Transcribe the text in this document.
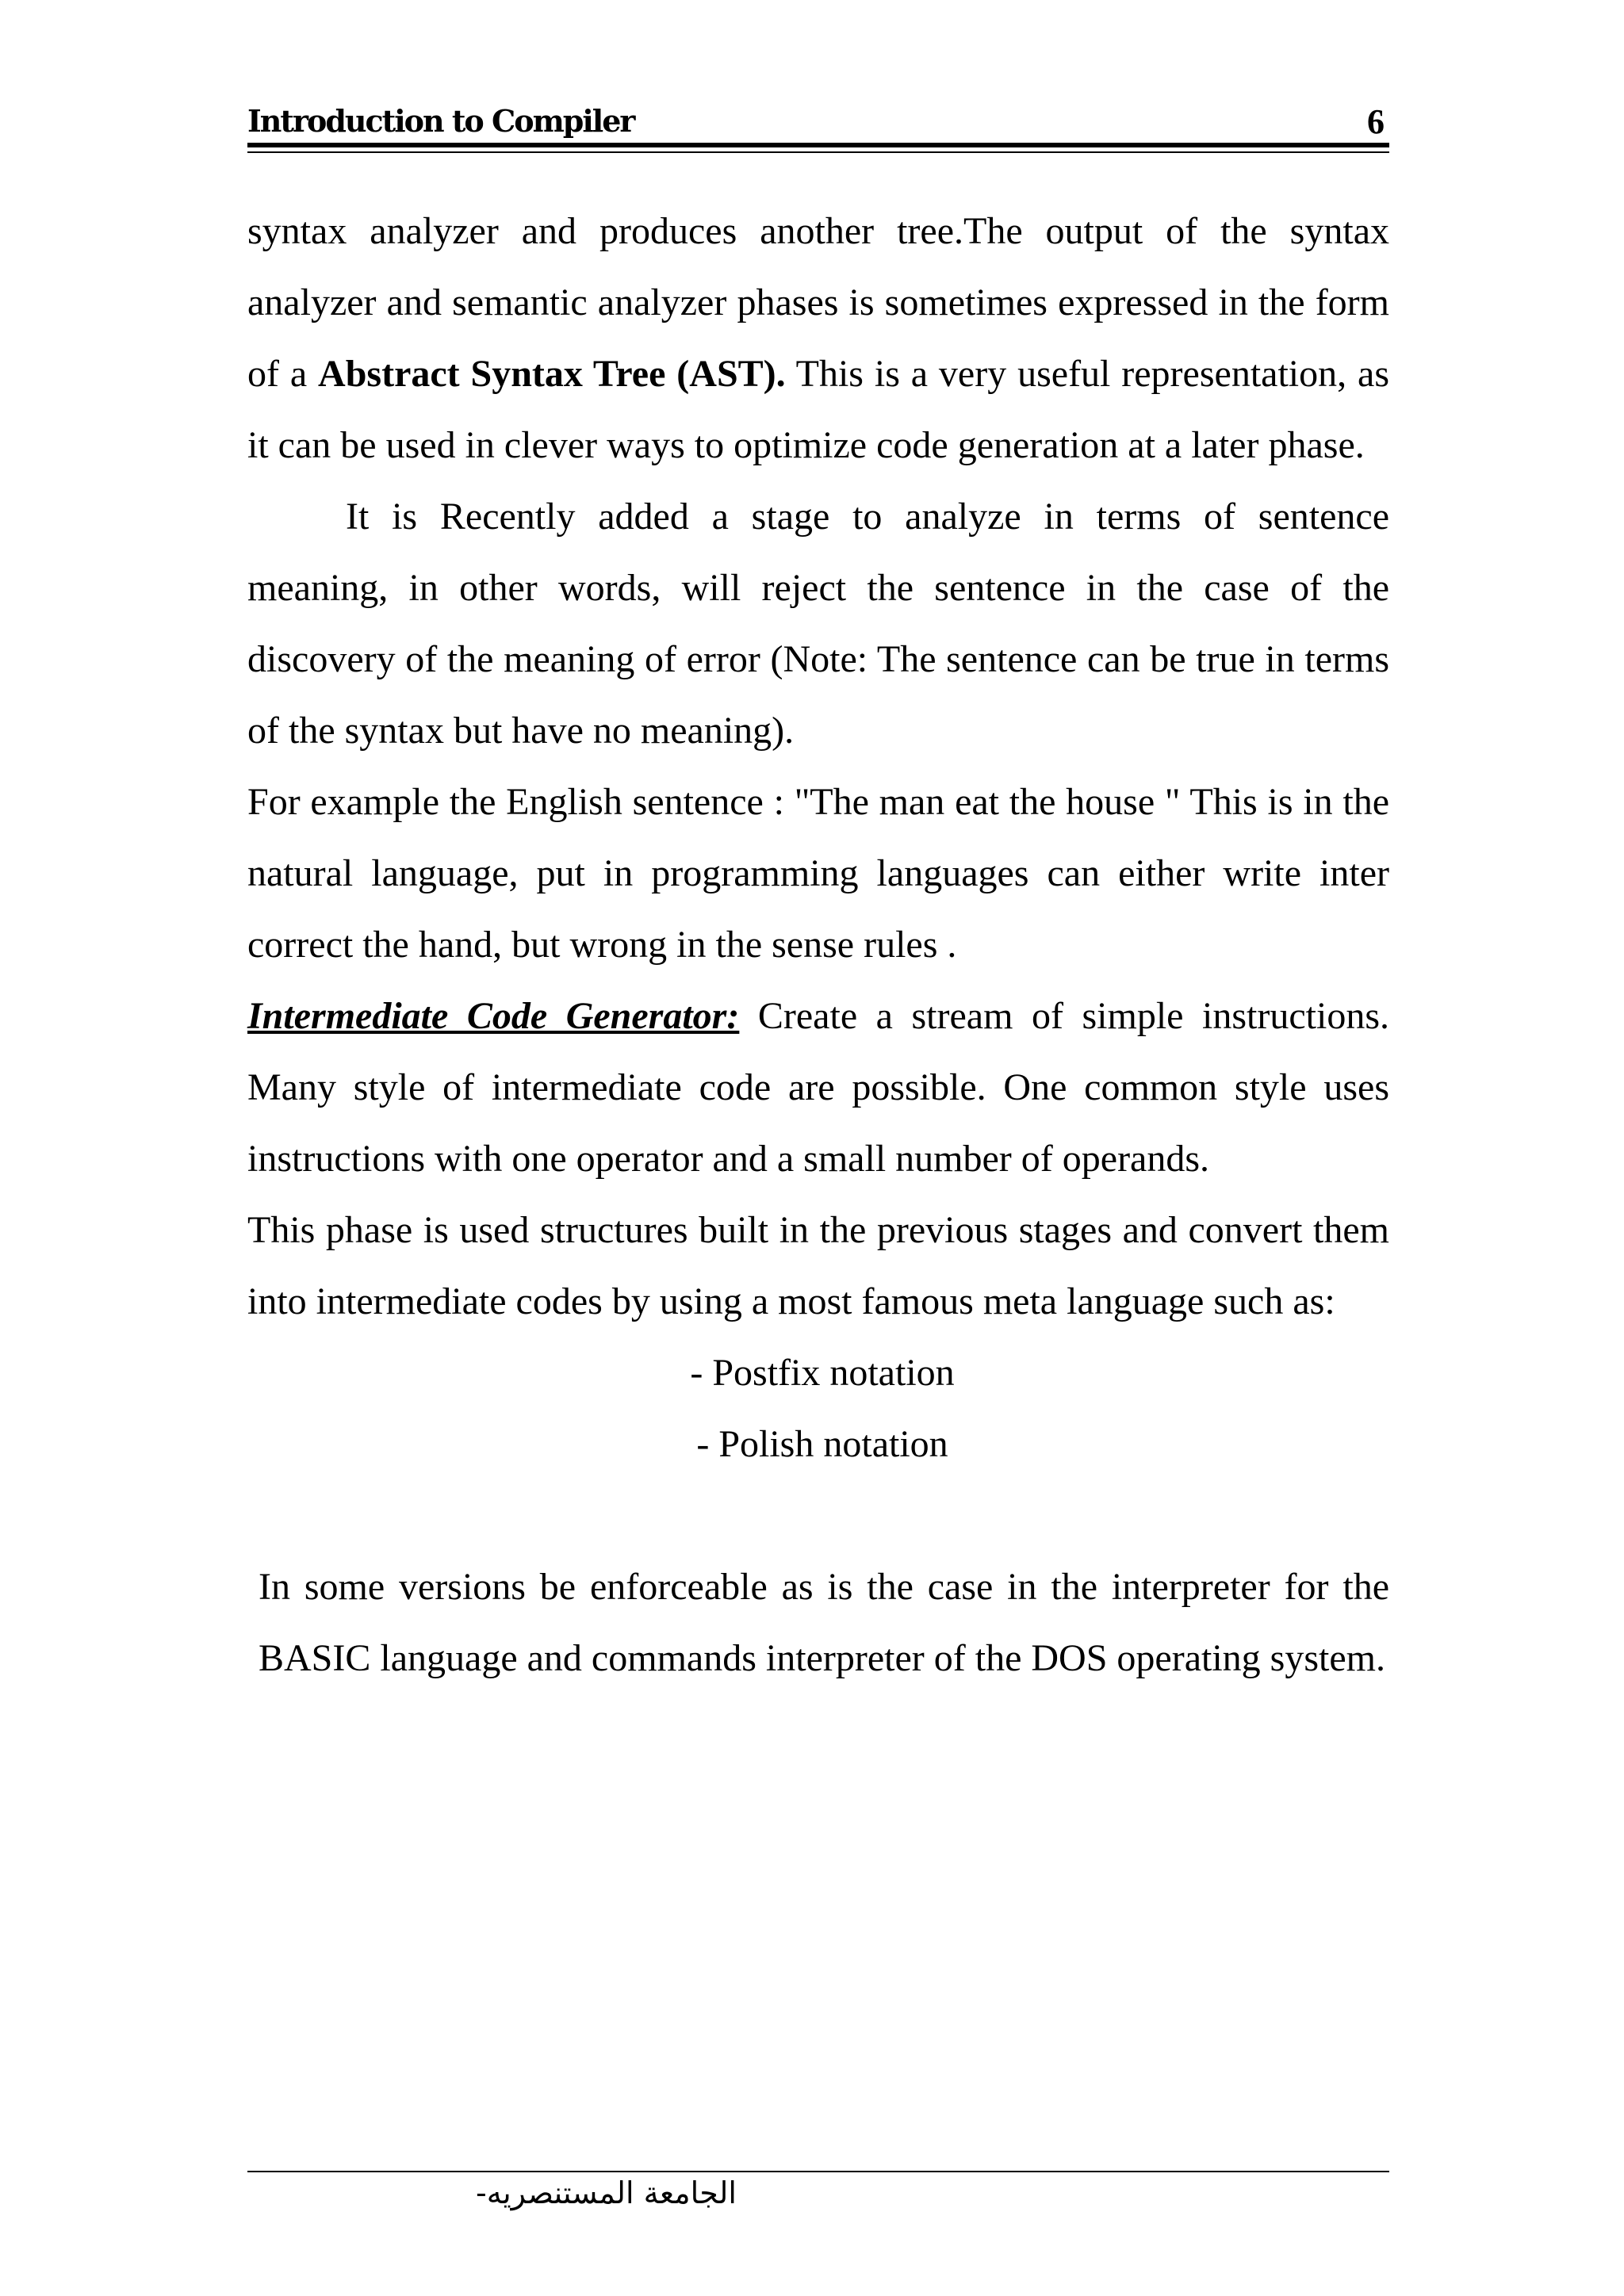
Introduction to Compiler	6

syntax analyzer and produces another tree.The output of the syntax analyzer and semantic analyzer phases is sometimes expressed in the form of a Abstract Syntax Tree (AST). This is a very useful representation, as it can be used in clever ways to optimize code generation at a later phase.

It is Recently added a stage to analyze in terms of sentence meaning, in other words, will reject the sentence in the case of the discovery of the meaning of error (Note: The sentence can be true in terms of the syntax but have no meaning).

For example the English sentence : "The man eat the house " This is in the natural language, put in programming languages can either write inter correct the hand, but wrong in the sense rules .

Intermediate Code Generator: Create a stream of simple instructions. Many style of intermediate code are possible. One common style uses instructions with one operator and a small number of operands.

This phase is used structures built in the previous stages and convert them into intermediate codes by using a most famous meta language such as:

- Postfix notation

- Polish notation

In some versions be enforceable as is the case in the interpreter for the BASIC language and commands interpreter of the DOS operating system.

الجامعة المستنصريه-
